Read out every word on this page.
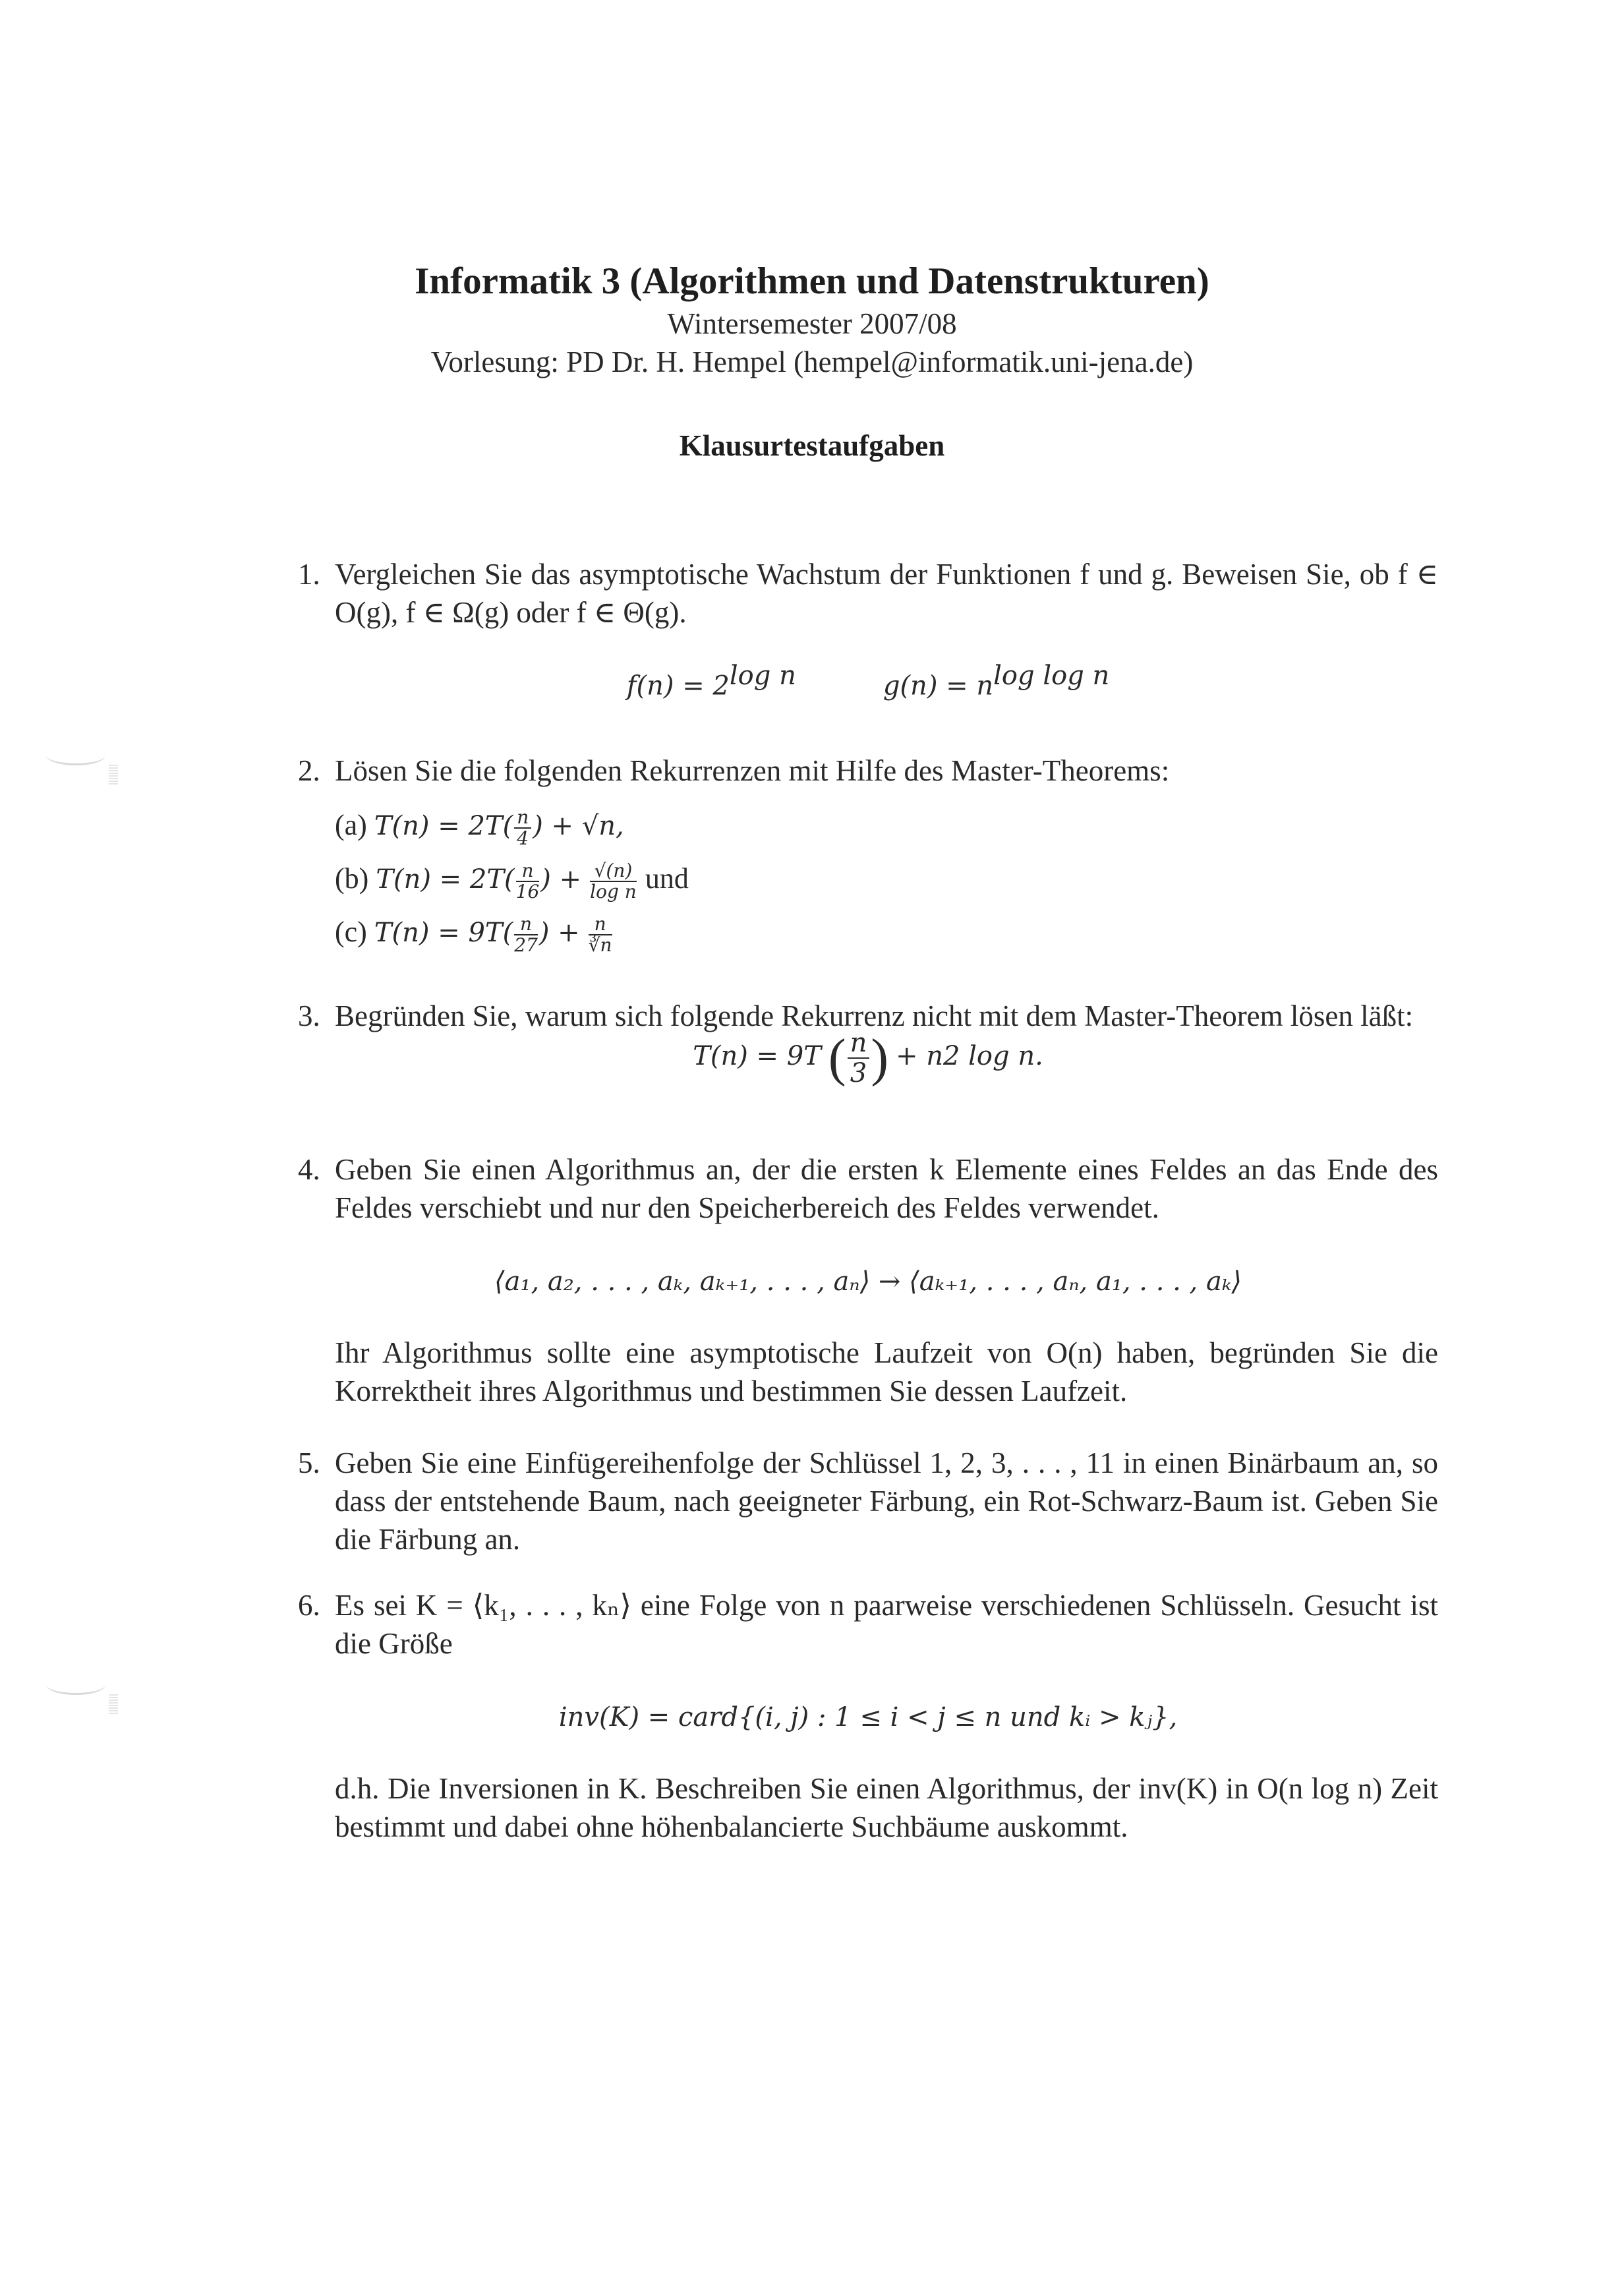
Informatik 3 (Algorithmen und Datenstrukturen)
Wintersemester 2007/08
Vorlesung: PD Dr. H. Hempel (hempel@informatik.uni-jena.de)
Klausurtestaufgaben
1. Vergleichen Sie das asymptotische Wachstum der Funktionen f und g. Beweisen Sie, ob f ∈ O(g), f ∈ Ω(g) oder f ∈ Θ(g).
$f(n) = 2^{log n}$	$g(n) = n^{log log n}$
2. Lösen Sie die folgenden Rekurrenzen mit Hilfe des Master-Theorems:
(a) $T(n) = 2T( \frac{n}{4}$ ) + √n,
(b) $T(n) = 2T( \frac{n}{16}$ ) + $\frac{√(n)}{\text{log n}}$ und
(c) $T(n) = 9T( \frac{n}{27}$ ) + $\frac{n}{∛n}$
3. Begründen Sie, warum sich folgende Rekurrenz nicht mit dem Master-Theorem lösen läßt:
T(n) = 9T ( $\frac{n}{3}$ ) + n2 log n.
4. Geben Sie einen Algorithmus an, der die ersten k Elemente eines Feldes an das Ende des Feldes verschiebt und nur den Speicherbereich des Feldes verwendet.
⟨a₁, a₂, . . . , aₖ, aₖ₊₁, . . . , aₙ⟩ → ⟨aₖ₊₁, . . . , aₙ, a₁, . . . , aₖ⟩
Ihr Algorithmus sollte eine asymptotische Laufzeit von O(n) haben, begründen Sie die Korrektheit ihres Algorithmus und bestimmen Sie dessen Laufzeit.
5. Geben Sie eine Einfügereihenfolge der Schlüssel 1, 2, 3, . . . , 11 in einen Binärbaum an, so dass der entstehende Baum, nach geeigneter Färbung, ein Rot-Schwarz-Baum ist. Geben Sie die Färbung an.
6. Es sei K = ⟨k₁, . . . , kₙ⟩ eine Folge von n paarweise verschiedenen Schlüsseln. Gesucht ist die Größe
inv(K) = card{(i, j) : 1 ≤ i < j ≤ n und kᵢ > kⱼ},
d.h. Die Inversionen in K. Beschreiben Sie einen Algorithmus, der inv(K) in O(n log n) Zeit bestimmt und dabei ohne höhenbalancierte Suchbäume auskommt.
